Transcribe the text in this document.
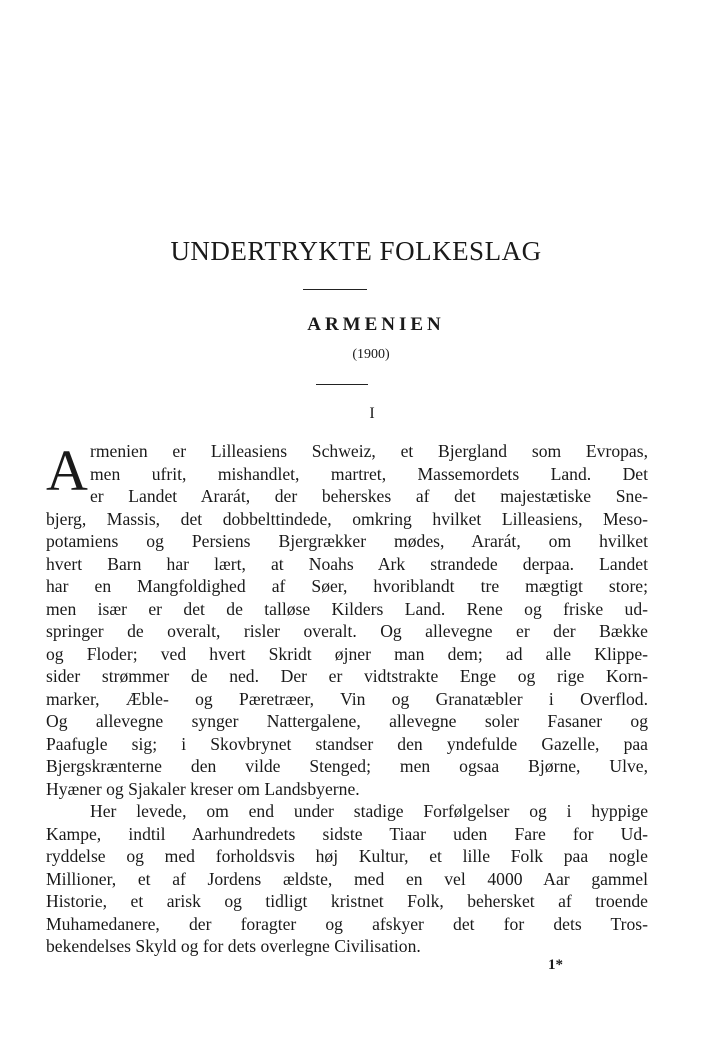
UNDERTRYKTE FOLKESLAG
ARMENIEN
(1900)
I
A rmenien er Lilleasiens Schweiz, et Bjergland som Evropas,
men ufrit, mishandlet, martret, Massemordets Land. Det
er Landet Ararát, der beherskes af det majestætiske Sne-
bjerg, Massis, det dobbelttindede, omkring hvilket Lilleasiens, Meso-
potamiens og Persiens Bjergrækker mødes, Ararát, om hvilket
hvert Barn har lært, at Noahs Ark strandede derpaa. Landet
har en Mangfoldighed af Søer, hvoriblandt tre mægtigt store;
men især er det de talløse Kilders Land. Rene og friske ud-
springer de overalt, risler overalt. Og allevegne er der Bække
og Floder; ved hvert Skridt øjner man dem; ad alle Klippe-
sider strømmer de ned. Der er vidtstrakte Enge og rige Korn-
marker, Æble- og Pæretræer, Vin og Granatæbler i Overflod.
Og allevegne synger Nattergalene, allevegne soler Fasaner og
Paafugle sig; i Skovbrynet standser den yndefulde Gazelle, paa
Bjergskrænterne den vilde Stenged; men ogsaa Bjørne, Ulve,
Hyæner og Sjakaler kreser om Landsbyerne.
Her levede, om end under stadige Forfølgelser og i hyppige
Kampe, indtil Aarhundredets sidste Tiaar uden Fare for Ud-
ryddelse og med forholdsvis høj Kultur, et lille Folk paa nogle
Millioner, et af Jordens ældste, med en vel 4000 Aar gammel
Historie, et arisk og tidligt kristnet Folk, behersket af troende
Muhamedanere, der foragter og afskyer det for dets Tros-
bekendelses Skyld og for dets overlegne Civilisation.
1*
